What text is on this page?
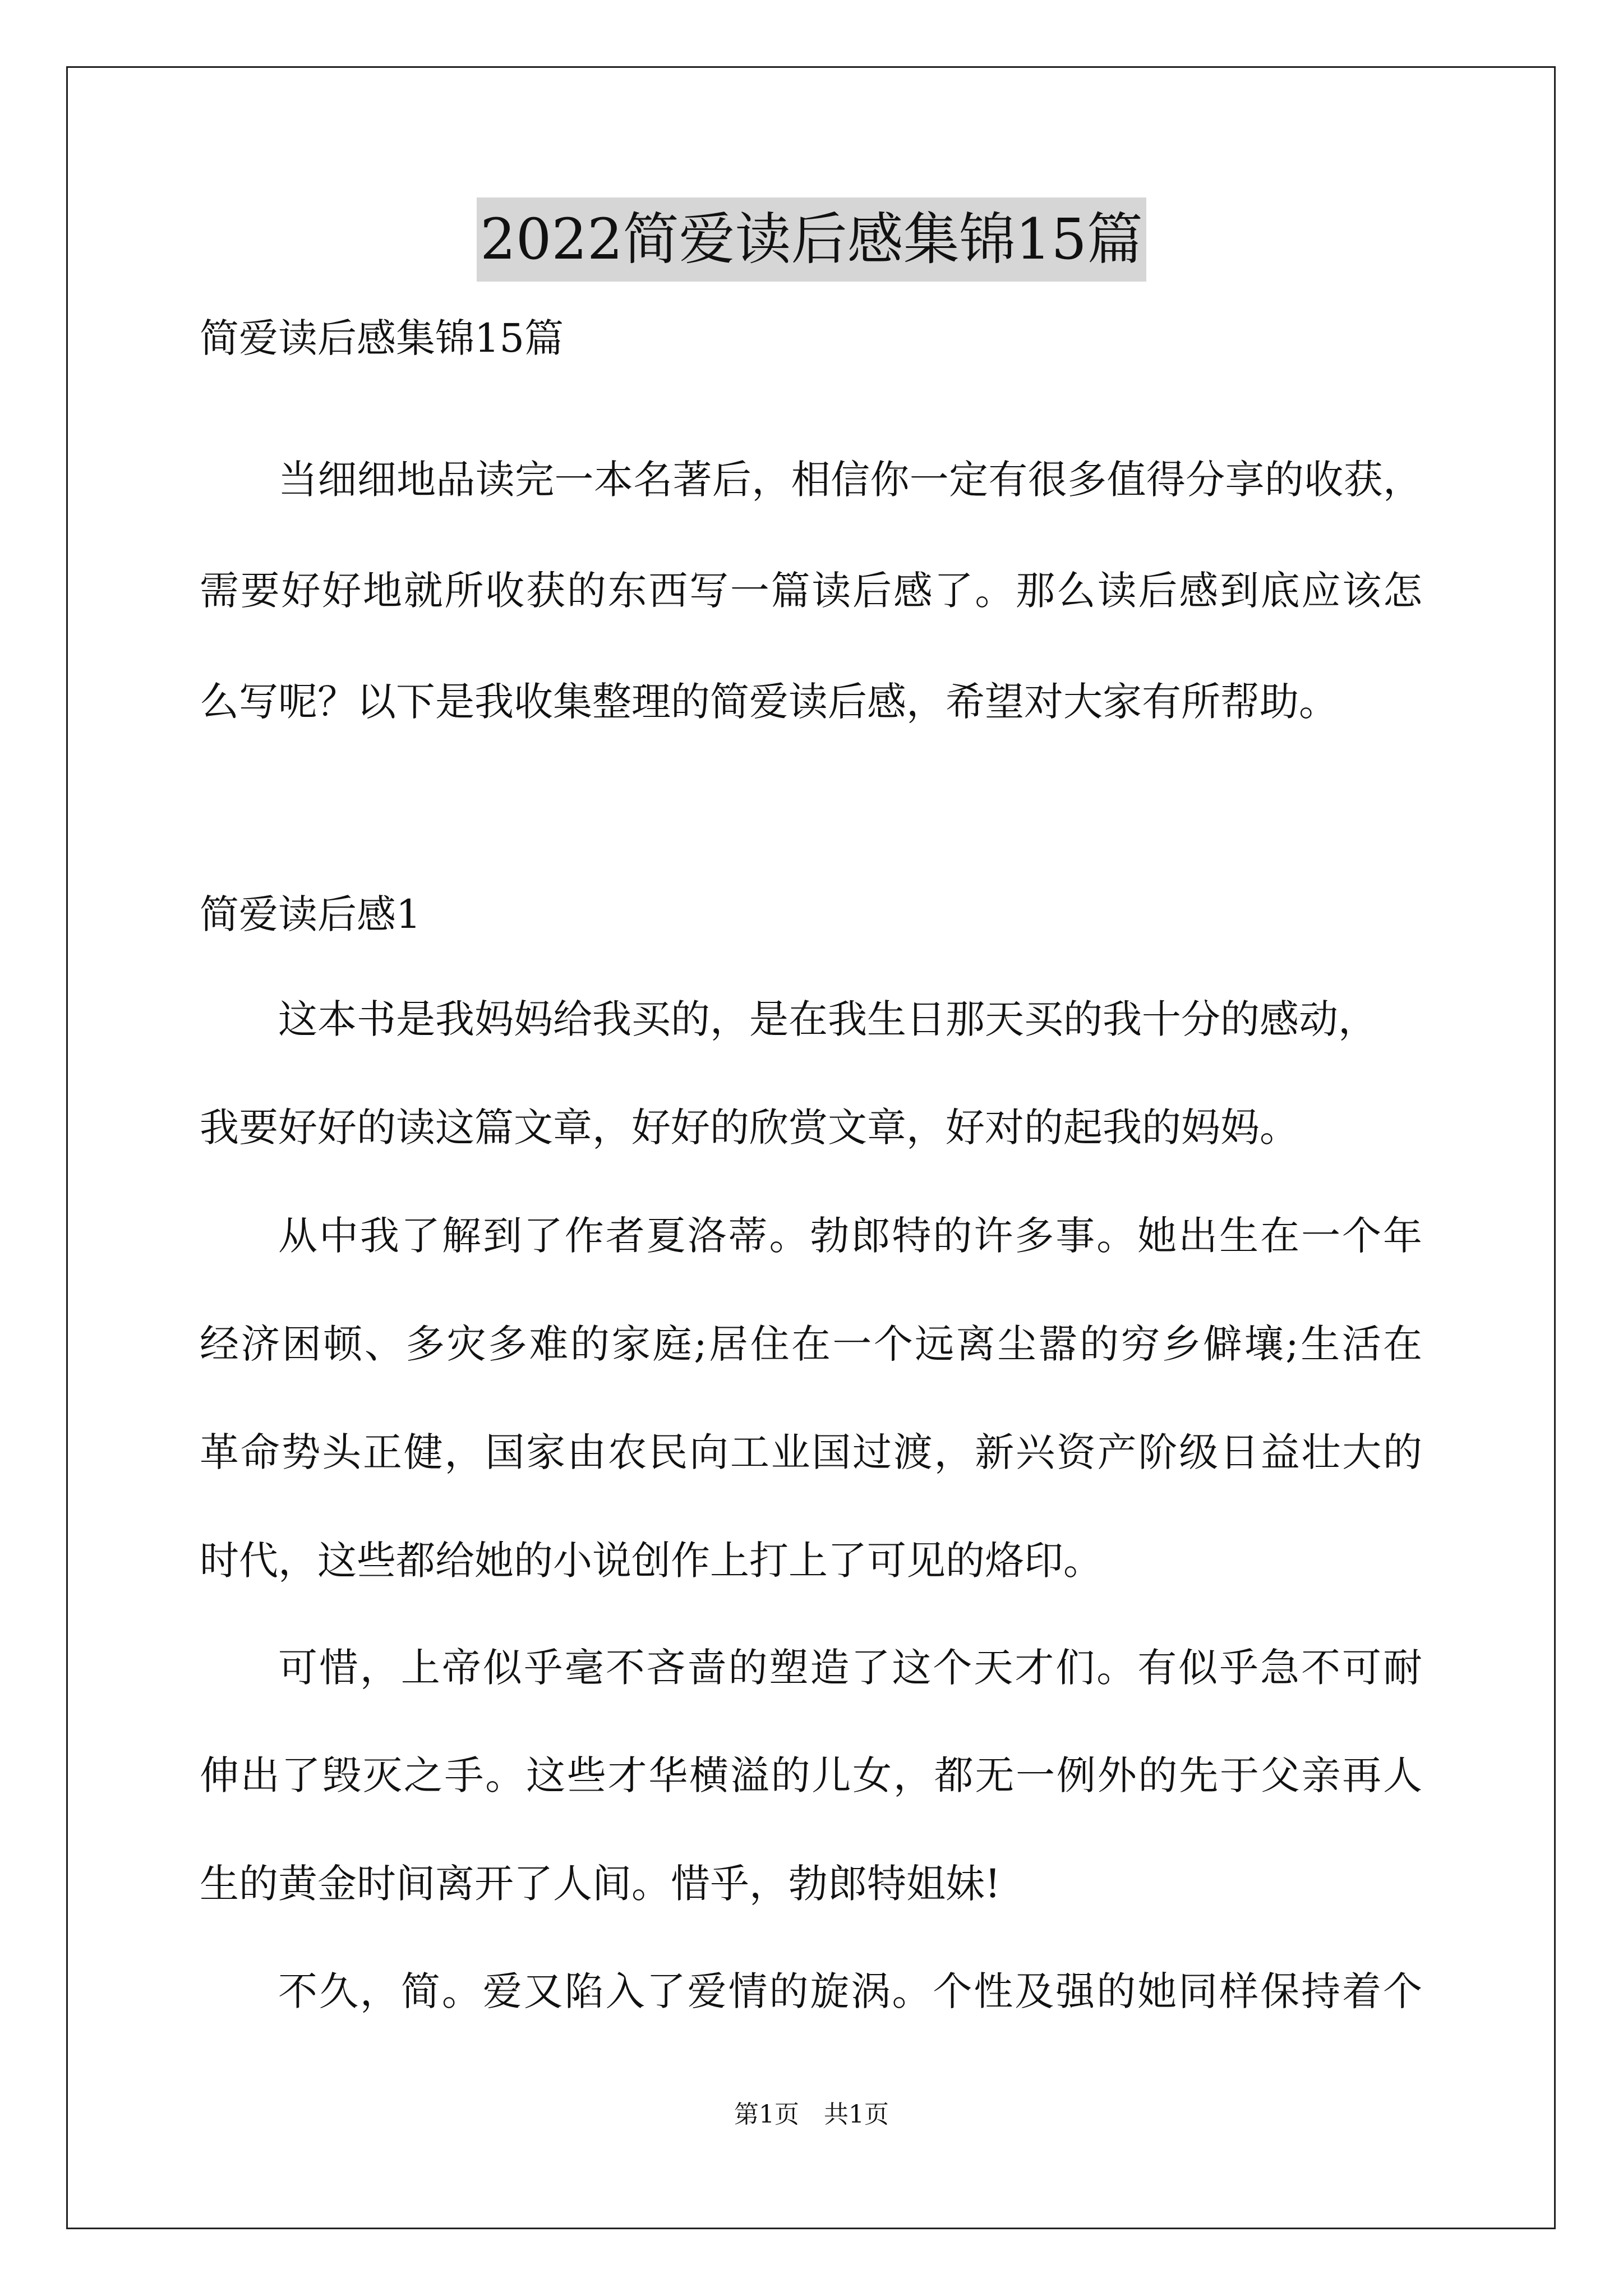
2022简爱读后感集锦15篇
简爱读后感集锦15篇
当细细地品读完一本名著后，相信你一定有很多值得分享的收获，
需要好好地就所收获的东西写一篇读后感了。那么读后感到底应该怎
么写呢？以下是我收集整理的简爱读后感，希望对大家有所帮助。
简爱读后感1
这本书是我妈妈给我买的，是在我生日那天买的我十分的感动，
我要好好的读这篇文章，好好的欣赏文章，好对的起我的妈妈。
从中我了解到了作者夏洛蒂。勃郎特的许多事。她出生在一个年
经济困顿、多灾多难的家庭;居住在一个远离尘嚣的穷乡僻壤;生活在
革命势头正健，国家由农民向工业国过渡，新兴资产阶级日益壮大的
时代，这些都给她的小说创作上打上了可见的烙印。
可惜，上帝似乎毫不吝啬的塑造了这个天才们。有似乎急不可耐
伸出了毁灭之手。这些才华横溢的儿女，都无一例外的先于父亲再人
生的黄金时间离开了人间。惜乎，勃郎特姐妹!
不久，简。爱又陷入了爱情的旋涡。个性及强的她同样保持着个
第1页　共1页
